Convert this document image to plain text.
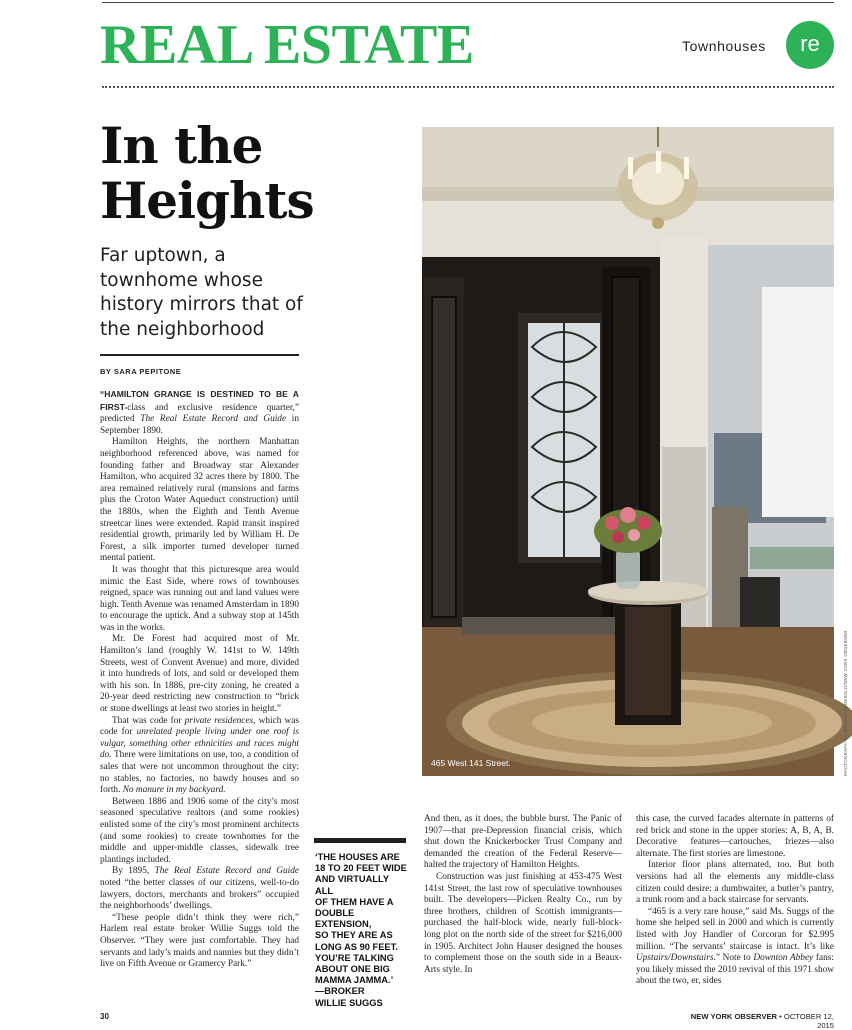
REAL ESTATE	Townhouses	re
In the
Heights
Far uptown, a townhome whose history mirrors that of the neighborhood
BY SARA PEPITONE

“HAMILTON GRANGE IS DESTINED TO BE A FIRST-class and exclusive residence quarter,” predicted The Real Estate Record and Guide in September 1890.

Hamilton Heights, the northern Manhattan neighborhood referenced above, was named for founding father and Broadway star Alexander Hamilton, who acquired 32 acres there by 1800. The area remained relatively rural (mansions and farms plus the Croton Water Aqueduct construction) until the 1880s, when the Eighth and Tenth Avenue streetcar lines were extended. Rapid transit inspired residential growth, primarily led by William H. De Forest, a silk importer turned developer turned mental patient.

It was thought that this picturesque area would mimic the East Side, where rows of townhouses reigned, space was running out and land values were high. Tenth Avenue was renamed Amsterdam in 1890 to encourage the uptick. And a subway stop at 145th was in the works.

Mr. De Forest had acquired most of Mr. Hamilton’s land (roughly W. 141st to W. 149th Streets, west of Convent Avenue) and more, divided it into hundreds of lots, and sold or developed them with his son. In 1886, pre-city zoning, he created a 20-year deed restricting new construction to “brick or stone dwellings at least two stories in height.”

That was code for private residences, which was code for unrelated people living under one roof is vulgar, something other ethnicities and races might do. There were limitations on use, too, a condition of sales that were not uncommon throughout the city: no stables, no factories, no bawdy houses and so forth. No manure in my backyard.

Between 1886 and 1906 some of the city’s most seasoned speculative realtors (and some rookies) enlisted some of the city’s most prominent architects (and some rookies) to create townhomes for the middle and upper-middle classes, sidewalk tree plantings included.

By 1895, The Real Estate Record and Guide noted “the better classes of our citizens, well-to-do lawyers, doctors, merchants and brokers” occupied the neighborhoods’ dwellings.

“These people didn’t think they were rich,” Harlem real estate broker Willie Suggs told the Observer. “They were just comfortable. They had servants and lady’s maids and nannies but they didn’t live on Fifth Avenue or Gramercy Park.”

‘THE HOUSES ARE
18 TO 20 FEET WIDE
AND VIRTUALLY ALL
OF THEM HAVE A
DOUBLE EXTENSION,
SO THEY ARE AS
LONG AS 90 FEET.
YOU’RE TALKING
ABOUT ONE BIG
MAMMA JAMMA.’
—BROKER
WILLIE SUGGS
465 West 141 Street.	PHOTOGRAPH BY MOLLY FITZGERALD/NEW YORK OBSERVER

And then, as it does, the bubble burst. The Panic of 1907—that pre-Depression financial crisis, which shut down the Knickerbocker Trust Company and demanded the creation of the Federal Reserve—halted the trajectory of Hamilton Heights.

Construction was just finishing at 453-475 West 141st Street, the last row of speculative townhouses built. The developers—Picken Realty Co., run by three brothers, children of Scottish immigrants—purchased the half-block wide, nearly full-block-long plot on the north side of the street for $216,000 in 1905. Architect John Hauser designed the houses to complement those on the south side in a Beaux-Arts style. In

this case, the curved facades alternate in patterns of red brick and stone in the upper stories: A, B, A, B. Decorative features—cartouches, friezes—also alternate. The first stories are limestone.

Interior floor plans alternated, too. But both versions had all the elements any middle-class citizen could desire: a dumbwaiter, a butler’s pantry, a trunk room and a back staircase for servants.

“465 is a very rare house,” said Ms. Suggs of the home she helped sell in 2000 and which is currently listed with Joy Handler of Corcoran for $2.995 million. “The servants’ staircase is intact. It’s like Upstairs/Downstairs.” Note to Downton Abbey fans: you likely missed the 2010 revival of this 1971 show about the two, er, sides

30	NEW YORK OBSERVER • OCTOBER 12, 2015
